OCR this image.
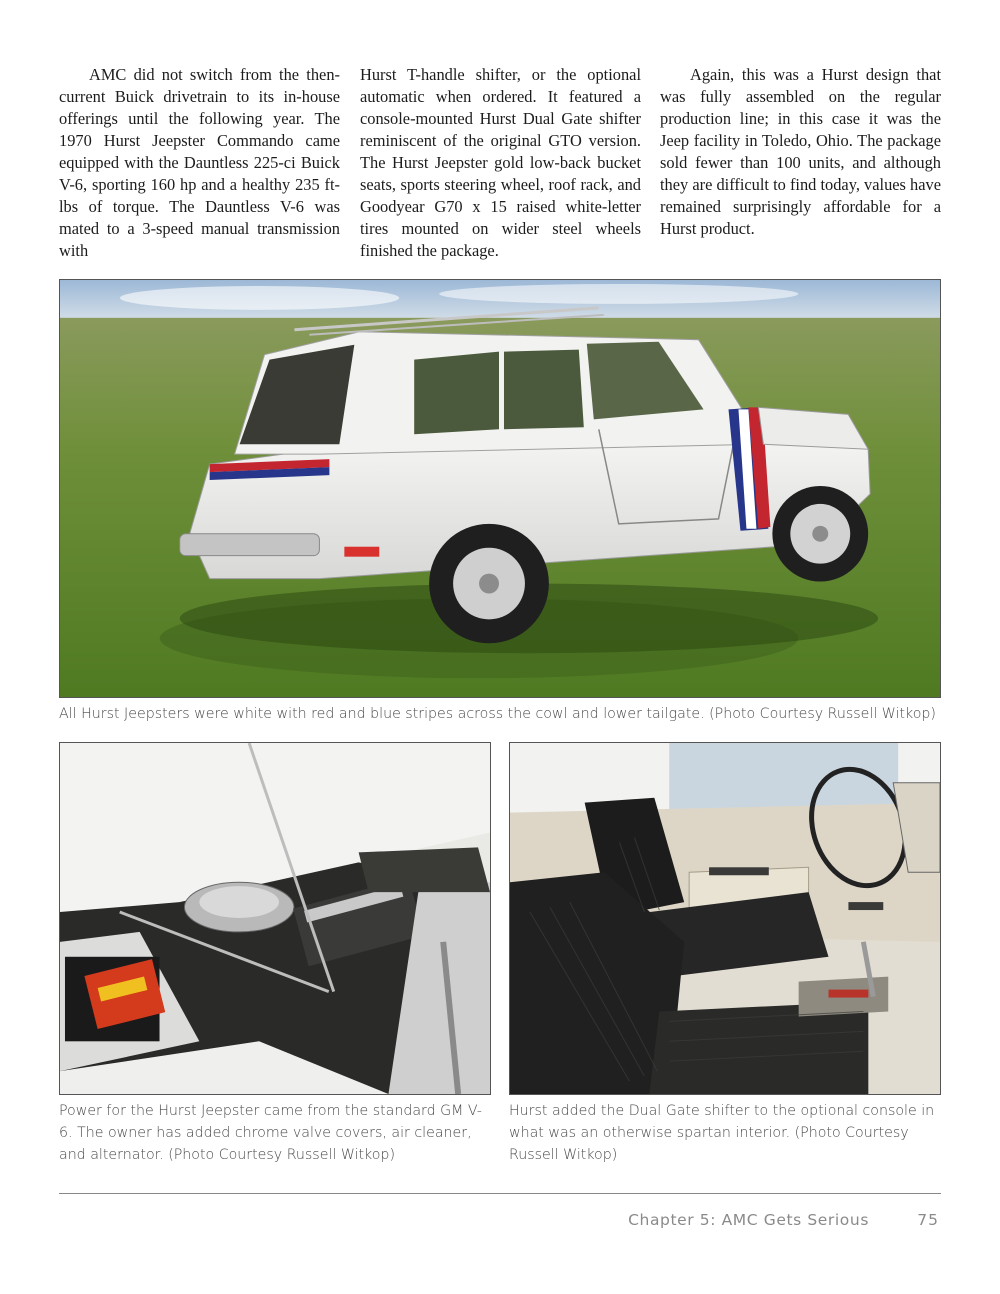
AMC did not switch from the then-current Buick drivetrain to its in-house offerings until the following year. The 1970 Hurst Jeepster Commando came equipped with the Dauntless 225-ci Buick V-6, sporting 160 hp and a healthy 235 ft-lbs of torque. The Dauntless V-6 was mated to a 3-speed manual transmission with

Hurst T-handle shifter, or the optional automatic when ordered. It featured a console-mounted Hurst Dual Gate shifter reminiscent of the original GTO version. The Hurst Jeepster gold low-back bucket seats, sports steering wheel, roof rack, and Goodyear G70 x 15 raised white-letter tires mounted on wider steel wheels finished the package.

Again, this was a Hurst design that was fully assembled on the regular production line; in this case it was the Jeep facility in Toledo, Ohio. The package sold fewer than 100 units, and although they are difficult to find today, values have remained surprisingly affordable for a Hurst product.

All Hurst Jeepsters were white with red and blue stripes across the cowl and lower tailgate. (Photo Courtesy Russell Witkop)
Power for the Hurst Jeepster came from the standard GM V-6. The owner has added chrome valve covers, air cleaner, and alternator. (Photo Courtesy Russell Witkop)
Hurst added the Dual Gate shifter to the optional console in what was an otherwise spartan interior. (Photo Courtesy Russell Witkop)
Chapter 5: AMC Gets Serious	75
